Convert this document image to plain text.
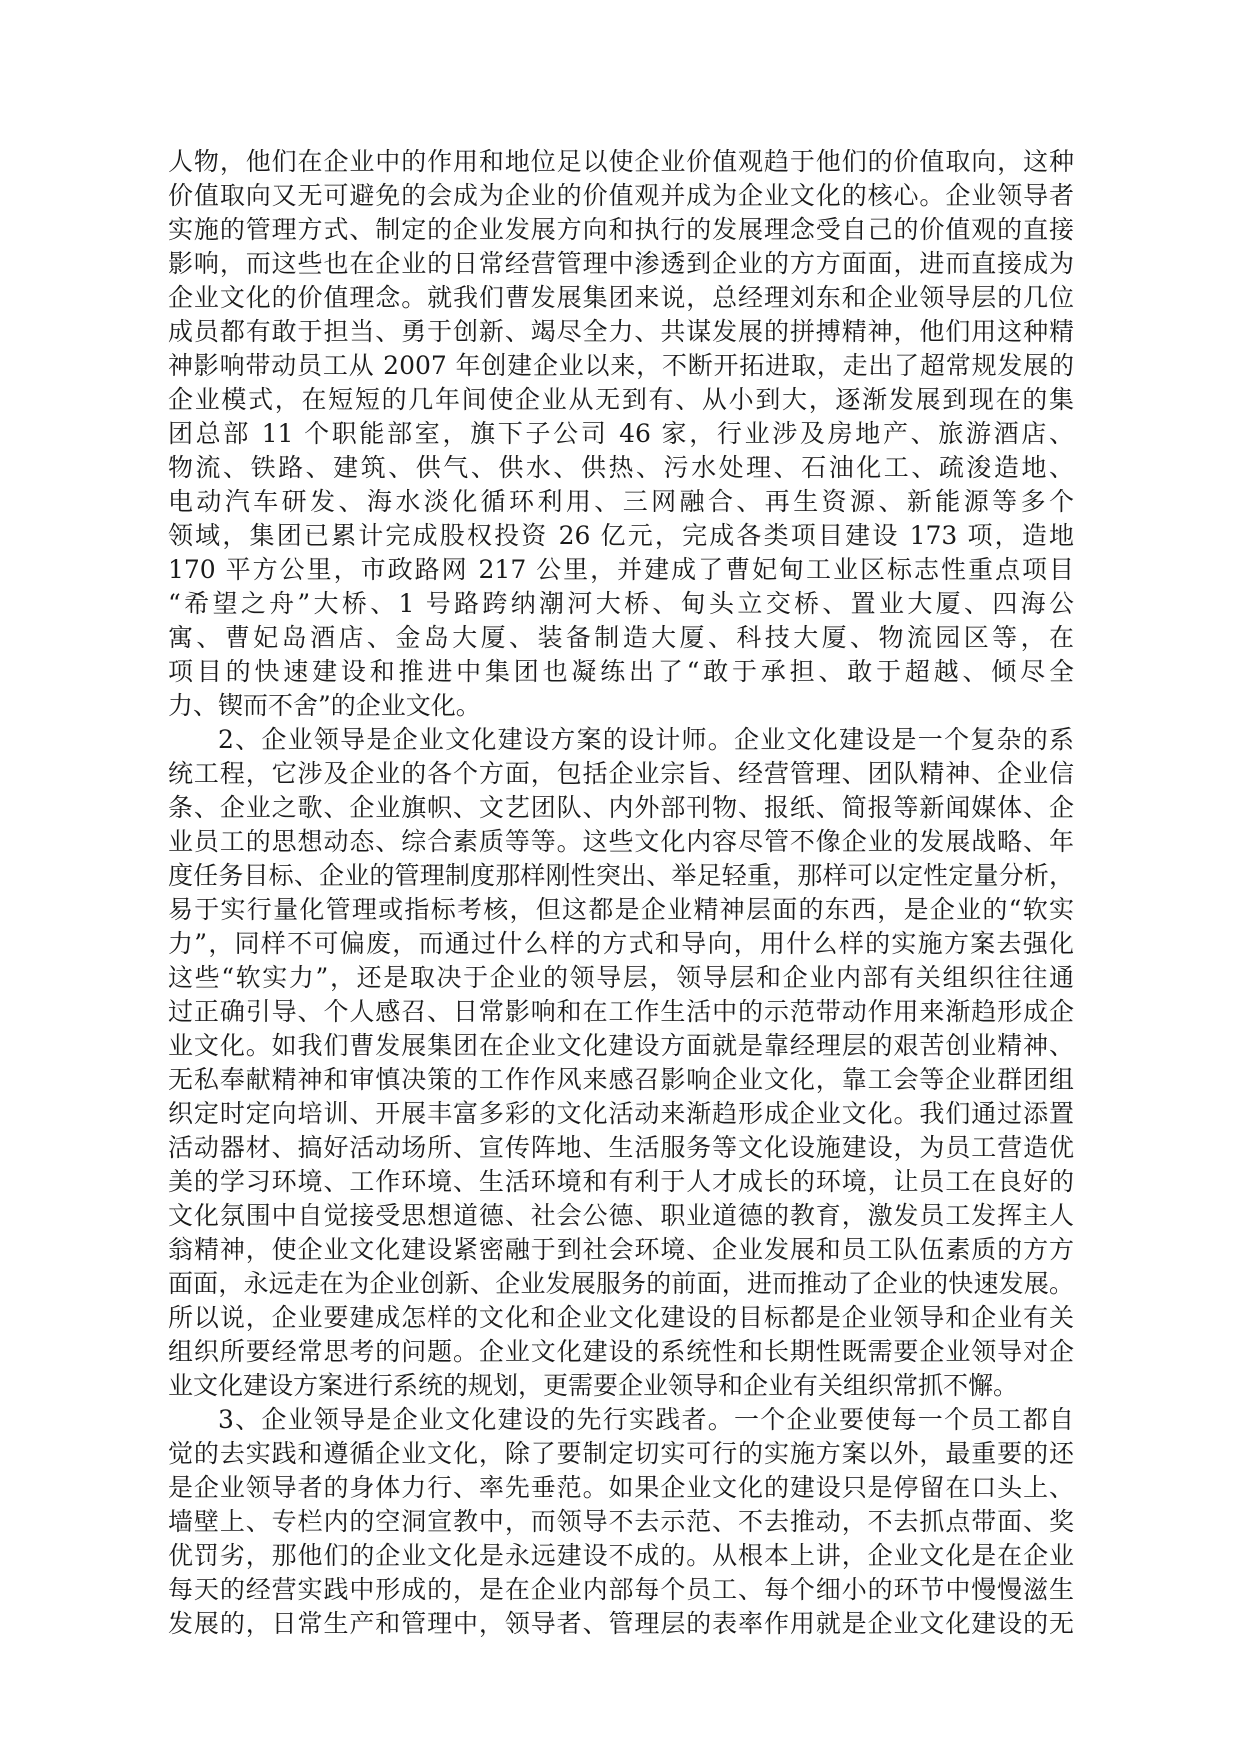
人物，他们在企业中的作用和地位足以使企业价值观趋于他们的价值取向，这种
价值取向又无可避免的会成为企业的价值观并成为企业文化的核心。企业领导者
实施的管理方式、制定的企业发展方向和执行的发展理念受自己的价值观的直接
影响，而这些也在企业的日常经营管理中渗透到企业的方方面面，进而直接成为
企业文化的价值理念。就我们曹发展集团来说，总经理刘东和企业领导层的几位
成员都有敢于担当、勇于创新、竭尽全力、共谋发展的拼搏精神，他们用这种精
神影响带动员工从 2007 年创建企业以来，不断开拓进取，走出了超常规发展的
企业模式，在短短的几年间使企业从无到有、从小到大，逐渐发展到现在的集
团总部 11 个职能部室，旗下子公司 46 家，行业涉及房地产、旅游酒店、
物流、铁路、建筑、供气、供水、供热、污水处理、石油化工、疏浚造地、
电动汽车研发、海水淡化循环利用、三网融合、再生资源、新能源等多个
领域，集团已累计完成股权投资 26 亿元，完成各类项目建设 173 项，造地
170 平方公里，市政路网 217 公里，并建成了曹妃甸工业区标志性重点项目
“希望之舟”大桥、1 号路跨纳潮河大桥、甸头立交桥、置业大厦、四海公
寓、曹妃岛酒店、金岛大厦、装备制造大厦、科技大厦、物流园区等，在
项目的快速建设和推进中集团也凝练出了“敢于承担、敢于超越、倾尽全
力、锲而不舍”的企业文化。
2、企业领导是企业文化建设方案的设计师。企业文化建设是一个复杂的系
统工程，它涉及企业的各个方面，包括企业宗旨、经营管理、团队精神、企业信
条、企业之歌、企业旗帜、文艺团队、内外部刊物、报纸、简报等新闻媒体、企
业员工的思想动态、综合素质等等。这些文化内容尽管不像企业的发展战略、年
度任务目标、企业的管理制度那样刚性突出、举足轻重，那样可以定性定量分析，
易于实行量化管理或指标考核，但这都是企业精神层面的东西，是企业的“软实
力”，同样不可偏废，而通过什么样的方式和导向，用什么样的实施方案去强化
这些“软实力”，还是取决于企业的领导层，领导层和企业内部有关组织往往通
过正确引导、个人感召、日常影响和在工作生活中的示范带动作用来渐趋形成企
业文化。如我们曹发展集团在企业文化建设方面就是靠经理层的艰苦创业精神、
无私奉献精神和审慎决策的工作作风来感召影响企业文化，靠工会等企业群团组
织定时定向培训、开展丰富多彩的文化活动来渐趋形成企业文化。我们通过添置
活动器材、搞好活动场所、宣传阵地、生活服务等文化设施建设，为员工营造优
美的学习环境、工作环境、生活环境和有利于人才成长的环境，让员工在良好的
文化氛围中自觉接受思想道德、社会公德、职业道德的教育，激发员工发挥主人
翁精神，使企业文化建设紧密融于到社会环境、企业发展和员工队伍素质的方方
面面，永远走在为企业创新、企业发展服务的前面，进而推动了企业的快速发展。
所以说，企业要建成怎样的文化和企业文化建设的目标都是企业领导和企业有关
组织所要经常思考的问题。企业文化建设的系统性和长期性既需要企业领导对企
业文化建设方案进行系统的规划，更需要企业领导和企业有关组织常抓不懈。
3、企业领导是企业文化建设的先行实践者。一个企业要使每一个员工都自
觉的去实践和遵循企业文化，除了要制定切实可行的实施方案以外，最重要的还
是企业领导者的身体力行、率先垂范。如果企业文化的建设只是停留在口头上、
墙壁上、专栏内的空洞宣教中，而领导不去示范、不去推动，不去抓点带面、奖
优罚劣，那他们的企业文化是永远建设不成的。从根本上讲，企业文化是在企业
每天的经营实践中形成的，是在企业内部每个员工、每个细小的环节中慢慢滋生
发展的，日常生产和管理中，领导者、管理层的表率作用就是企业文化建设的无
